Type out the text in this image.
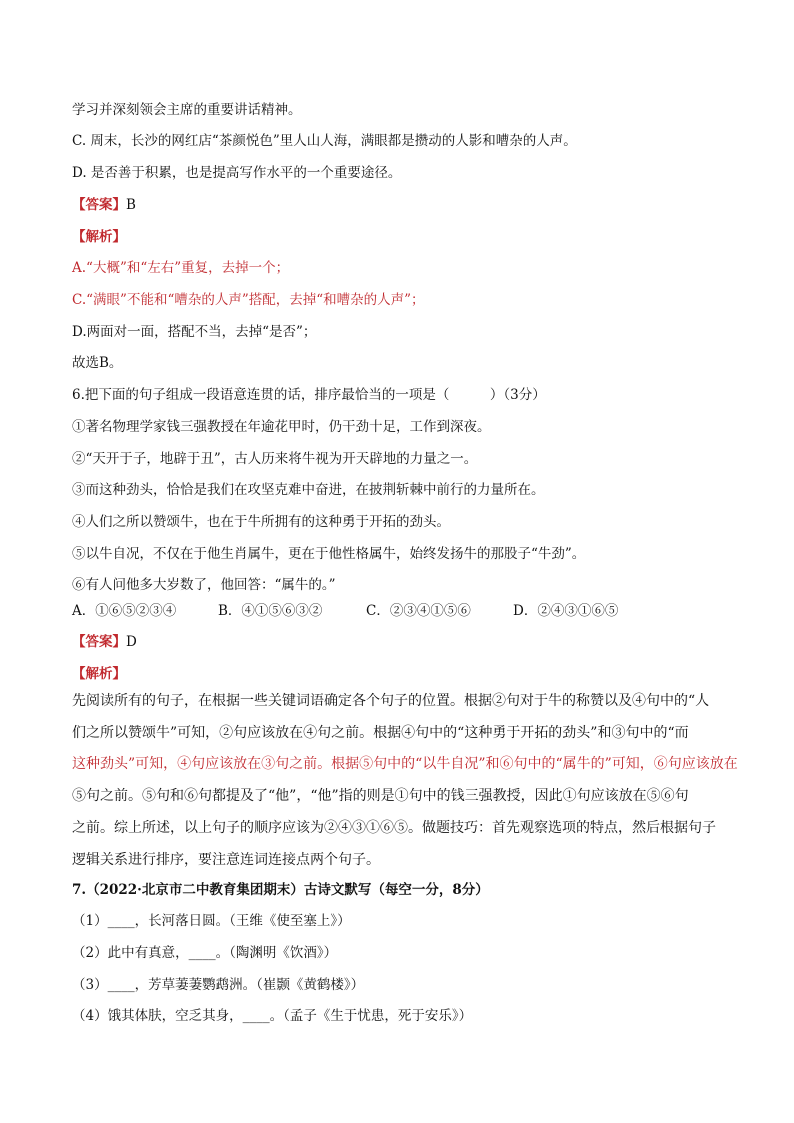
学习并深刻领会主席的重要讲话精神。
C. 周末，长沙的网红店“茶颜悦色”里人山人海，满眼都是攒动的人影和嘈杂的人声。
D. 是否善于积累，也是提高写作水平的一个重要途径。
【答案】B
【解析】
A.“大概”和“左右”重复，去掉一个；
C.“满眼”不能和“嘈杂的人声”搭配，去掉“和嘈杂的人声”；
D.两面对一面，搭配不当，去掉“是否”；
故选B。
6.把下面的句子组成一段语意连贯的话，排序最恰当的一项是（　　　）（3分）
①著名物理学家钱三强教授在年逾花甲时，仍干劲十足，工作到深夜。
②“天开于子，地辟于丑”，古人历来将牛视为开天辟地的力量之一。
③而这种劲头，恰恰是我们在攻坚克难中奋进，在披荆斩棘中前行的力量所在。
④人们之所以赞颂牛，也在于牛所拥有的这种勇于开拓的劲头。
⑤以牛自况，不仅在于他生肖属牛，更在于他性格属牛，始终发扬牛的那股子“牛劲”。
⑥有人问他多大岁数了，他回答：“属牛的。”
A．①⑥⑤②③④	B．④①⑤⑥③②	C．②③④①⑤⑥	D．②④③①⑥⑤
【答案】D
【解析】
先阅读所有的句子，在根据一些关键词语确定各个句子的位置。根据②句对于牛的称赞以及④句中的“人
们之所以赞颂牛”可知，②句应该放在④句之前。根据④句中的“这种勇于开拓的劲头”和③句中的“而
这种劲头”可知，④句应该放在③句之前。根据⑤句中的“以牛自况”和⑥句中的“属牛的”可知，⑥句应该放在
⑤句之前。⑤句和⑥句都提及了“他”，“他”指的则是①句中的钱三强教授，因此①句应该放在⑤⑥句
之前。综上所述，以上句子的顺序应该为②④③①⑥⑤。做题技巧：首先观察选项的特点，然后根据句子
逻辑关系进行排序，要注意连词连接点两个句子。
7.（2022·北京市二中教育集团期末）古诗文默写（每空一分，8分）
（1）____，长河落日圆。（王维《使至塞上》）
（2）此中有真意，____。（陶渊明《饮酒》）
（3）____，芳草萋萋鹦鹉洲。（崔颢《黄鹤楼》）
（4）饿其体肤，空乏其身，____。（孟子《生于忧患，死于安乐》）
